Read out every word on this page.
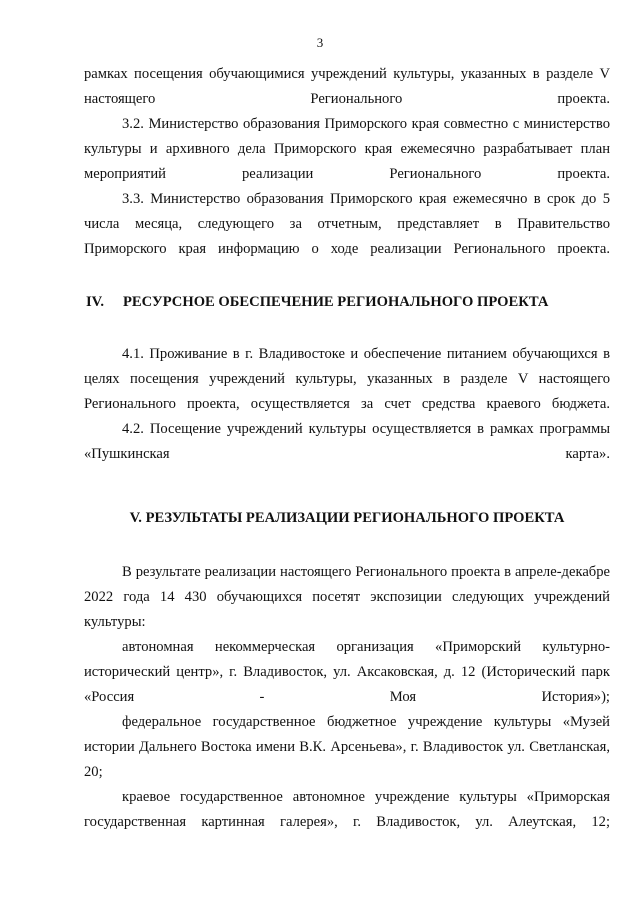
3

рамках посещения обучающимися учреждений культуры, указанных в разделе V настоящего Регионального проекта.

3.2. Министерство образования Приморского края совместно с министерство культуры и архивного дела Приморского края ежемесячно разрабатывает план мероприятий реализации Регионального проекта.

3.3. Министерство образования Приморского края ежемесячно в срок до 5 числа месяца, следующего за отчетным, представляет в Правительство Приморского края информацию о ходе реализации Регионального проекта.

IV. РЕСУРСНОЕ ОБЕСПЕЧЕНИЕ РЕГИОНАЛЬНОГО ПРОЕКТА

4.1. Проживание в г. Владивостоке и обеспечение питанием обучающихся в целях посещения учреждений культуры, указанных в разделе V настоящего Регионального проекта, осуществляется за счет средства краевого бюджета.

4.2. Посещение учреждений культуры осуществляется в рамках программы «Пушкинская карта».

V. РЕЗУЛЬТАТЫ РЕАЛИЗАЦИИ РЕГИОНАЛЬНОГО ПРОЕКТА

В результате реализации настоящего Регионального проекта в апреле-декабре 2022 года 14 430 обучающихся посетят экспозиции следующих учреждений культуры:

автономная некоммерческая организация «Приморский культурно-исторический центр», г. Владивосток, ул. Аксаковская, д. 12 (Исторический парк «Россия - Моя История»);

федеральное государственное бюджетное учреждение культуры «Музей истории Дальнего Востока имени В.К. Арсеньева», г. Владивосток ул. Светланская, 20;

краевое государственное автономное учреждение культуры «Приморская государственная картинная галерея», г. Владивосток, ул. Алеутская, 12;
